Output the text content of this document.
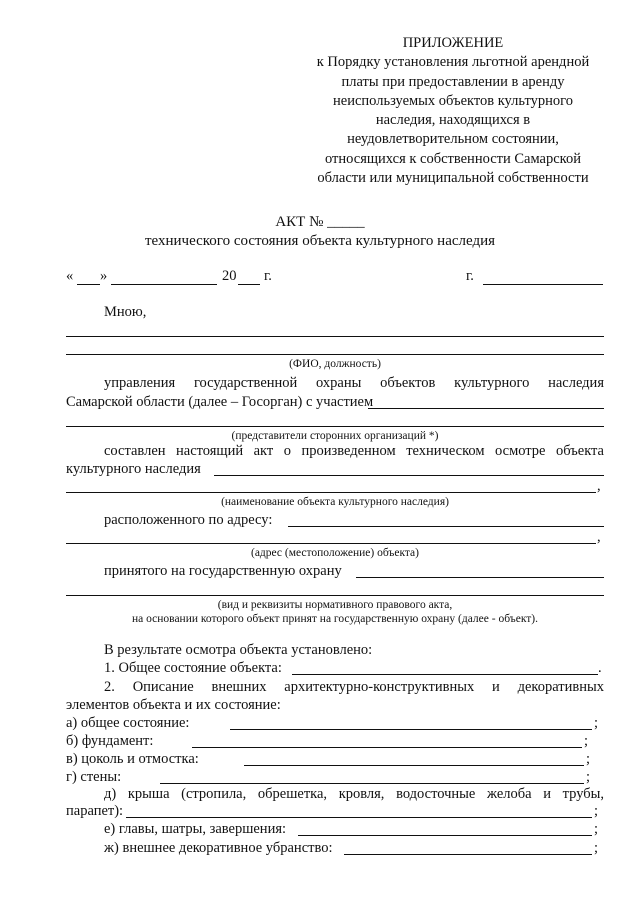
ПРИЛОЖЕНИЕ
к Порядку установления льготной арендной
платы при предоставлении в аренду
неиспользуемых объектов культурного
наследия, находящихся в
неудовлетворительном состоянии,
относящихся к собственности Самарской
области или муниципальной собственности
АКТ № _____
технического состояния объекта культурного наследия
« »	20 г.	г.
Мною,
(ФИО, должность)
управления государственной охраны объектов культурного наследия
Самарской области (далее – Госорган) с участием
(представители сторонних организаций *)
составлен настоящий акт о произведенном техническом осмотре объекта
культурного наследия
,
(наименование объекта культурного наследия)
расположенного по адресу:
,
(адрес (местоположение) объекта)
принятого на государственную охрану
(вид и реквизиты нормативного правового акта,
на основании которого объект принят на государственную охрану (далее - объект).
В результате осмотра объекта установлено:
1. Общее состояние объекта:	.
2. Описание внешних архитектурно-конструктивных и декоративных
элементов объекта и их состояние:
а) общее состояние:	;
б) фундамент:	;
в) цоколь и отмостка:	;
г) стены:	;
д) крыша (стропила, обрешетка, кровля, водосточные желоба и трубы,
парапет):	;
е) главы, шатры, завершения:	;
ж) внешнее декоративное убранство:	;
